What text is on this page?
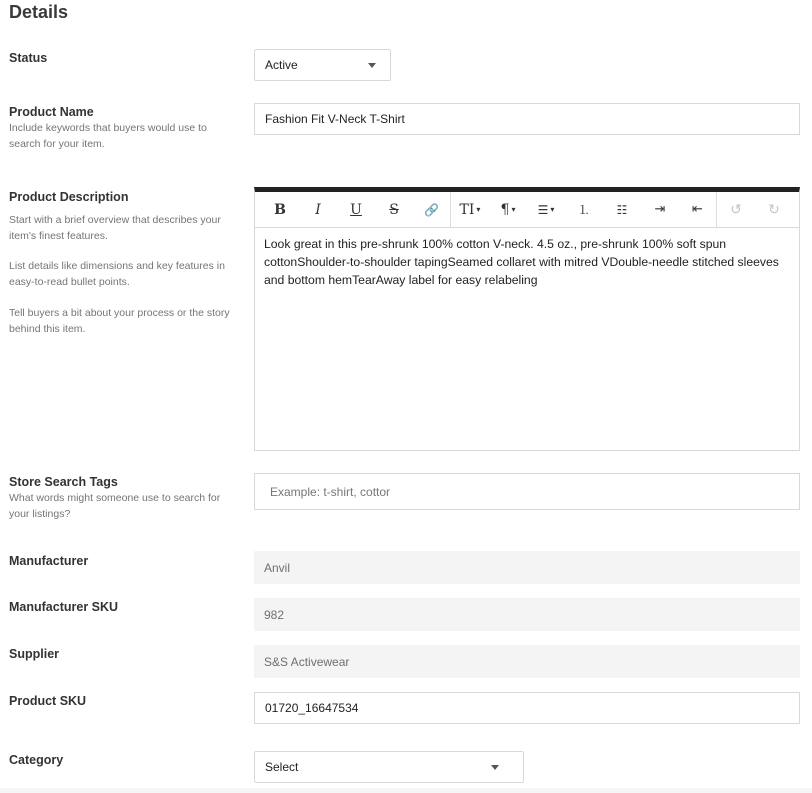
Details
Status	Active
Product Name
Include keywords that buyers would use to search for your item.
Fashion Fit V-Neck T-Shirt
Product Description
Start with a brief overview that describes your item's finest features.
List details like dimensions and key features in easy-to-read bullet points.
Tell buyers a bit about your process or the story behind this item.
B	I	U	S	🔗	TI ▾ ¶ ▾ ☰ ▾	⒈	☷	⇥	⇤	↺	↻
Look great in this pre-shrunk 100% cotton V-neck. 4.5 oz., pre-shrunk 100% soft spun cottonShoulder-to-shoulder tapingSeamed collaret with mitred VDouble-needle stitched sleeves and bottom hemTearAway label for easy relabeling
Store Search Tags
What words might someone use to search for your listings?
Example: t-shirt, cottor
Manufacturer	Anvil
Manufacturer SKU
982
Supplier
S&S Activewear
Product SKU	01720_16647534
Category	Select
